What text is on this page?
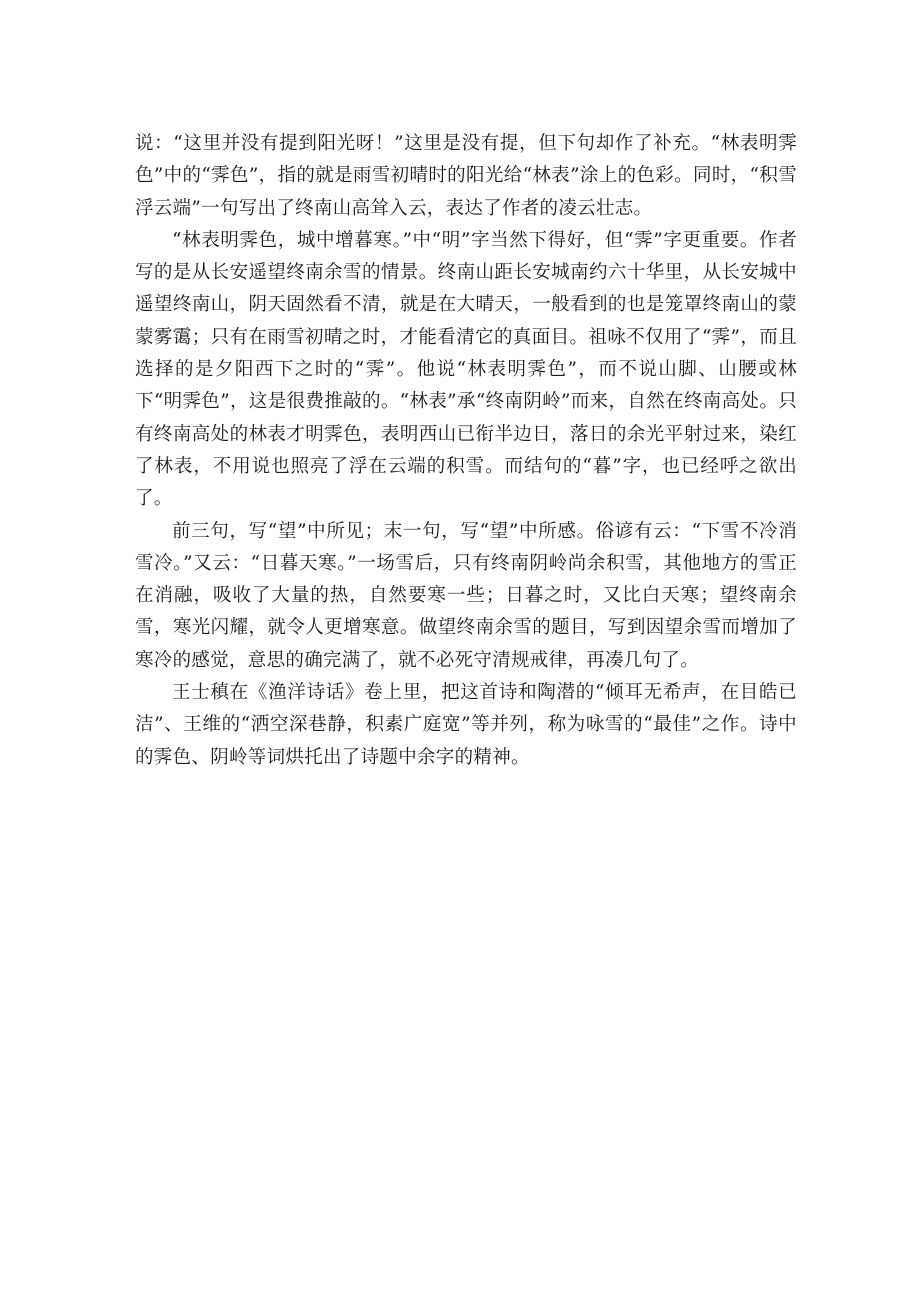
说：“这里并没有提到阳光呀！”这里是没有提，但下句却作了补充。“林表明霁色”中的“霁色”，指的就是雨雪初晴时的阳光给“林表”涂上的色彩。同时，“积雪浮云端”一句写出了终南山高耸入云，表达了作者的凌云壮志。

“林表明霁色，城中增暮寒。”中“明”字当然下得好，但“霁”字更重要。作者写的是从长安遥望终南余雪的情景。终南山距长安城南约六十华里，从长安城中遥望终南山，阴天固然看不清，就是在大晴天，一般看到的也是笼罩终南山的蒙蒙雾霭；只有在雨雪初晴之时，才能看清它的真面目。祖咏不仅用了“霁”，而且选择的是夕阳西下之时的“霁”。他说“林表明霁色”，而不说山脚、山腰或林下“明霁色”，这是很费推敲的。“林表”承“终南阴岭”而来，自然在终南高处。只有终南高处的林表才明霁色，表明西山已衔半边日，落日的余光平射过来，染红了林表，不用说也照亮了浮在云端的积雪。而结句的“暮”字，也已经呼之欲出了。

前三句，写“望”中所见；末一句，写“望”中所感。俗谚有云：“下雪不冷消雪冷。”又云：“日暮天寒。”一场雪后，只有终南阴岭尚余积雪，其他地方的雪正在消融，吸收了大量的热，自然要寒一些；日暮之时，又比白天寒；望终南余雪，寒光闪耀，就令人更增寒意。做望终南余雪的题目，写到因望余雪而增加了寒冷的感觉，意思的确完满了，就不必死守清规戒律，再凑几句了。

王士稹在《渔洋诗话》卷上里，把这首诗和陶潜的“倾耳无希声，在目皓已洁”、王维的“洒空深巷静，积素广庭宽”等并列，称为咏雪的“最佳”之作。诗中的霁色、阴岭等词烘托出了诗题中余字的精神。
